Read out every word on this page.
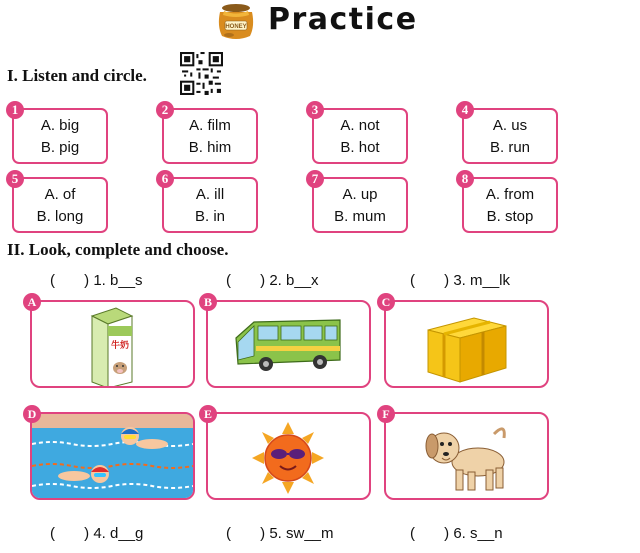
HONEY Practice
I. Listen and circle.
1
A. big
B. pig
2
A. film
B. him
3
A. not
B. hot
4
A. us
B. run
5
A. of
B. long
6
A. ill
B. in
7
A. up
B. mum
8
A. from
B. stop
II. Look, complete and choose.
(       ) 1. b__s	(       ) 2. b__x	(       ) 3. m__lk
A
牛奶
B	C
D	E	F
(       ) 4. d__g	(       ) 5. sw__m	(       ) 6. s__n
